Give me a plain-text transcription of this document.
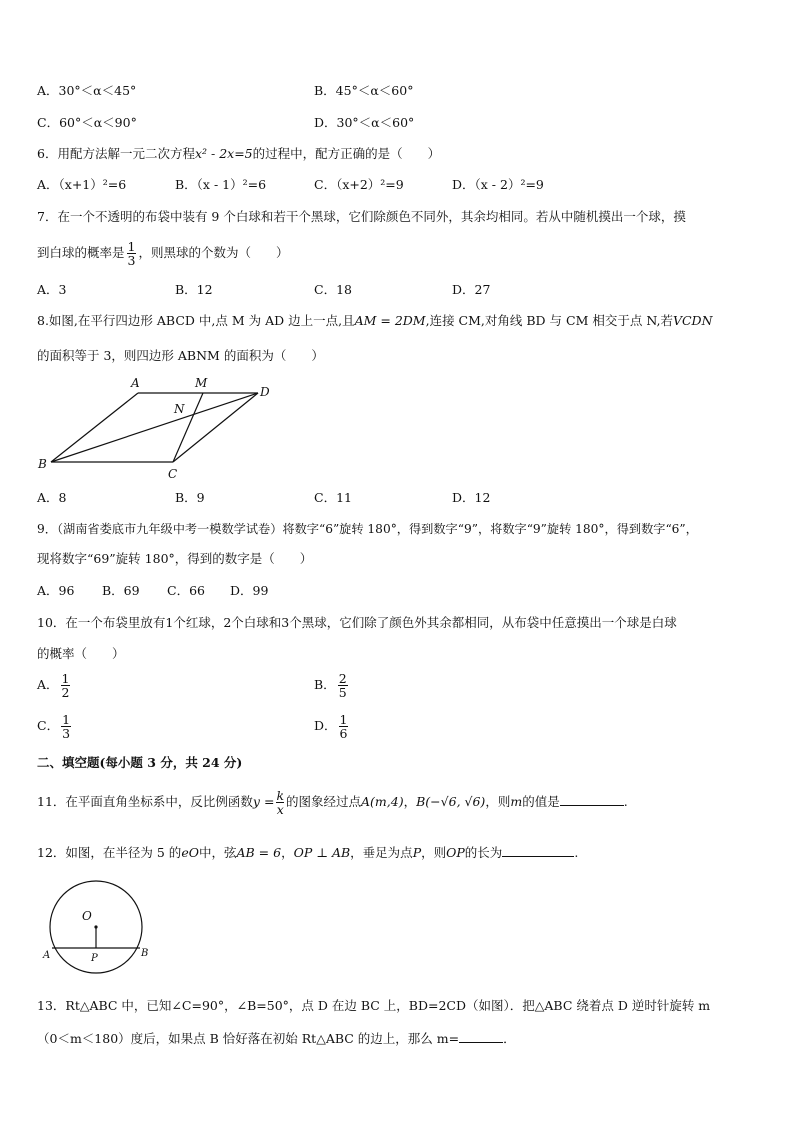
A．30°＜α＜45°	B．45°＜α＜60°
C．60°＜α＜90°	D．30°＜α＜60°
6．用配方法解一元二次方程x² - 2x=5的过程中，配方正确的是（　　）
A．（x+1）²=6	B．（x - 1）²=6	C．（x+2）²=9	D．（x - 2）²=9
7．在一个不透明的布袋中装有 9 个白球和若干个黑球，它们除颜色不同外，其余均相同。若从中随机摸出一个球，摸
到白球的概率是 $\frac{1}{3}$ ，则黑球的个数为（　　）
A．3	B．12	C．18	D．27
8.如图,在平行四边形 ABCD 中,点 M 为 AD 边上一点,且AM = 2DM,连接 CM,对角线 BD 与 CM 相交于点 N,若VCDN
的面积等于 3，则四边形 ABNM 的面积为（　　）
A	M
D
N
B
C
A．8	B．9	C．11	D．12
9．（湖南省娄底市九年级中考一模数学试卷）将数字“6”旋转 180°，得到数字“9”，将数字“9”旋转 180°，得到数字“6”，
现将数字“69”旋转 180°，得到的数字是（　　）
A．96 B．69 C．66 D．99
10．在一个布袋里放有1个红球，2个白球和3个黑球，它们除了颜色外其余都相同，从布袋中任意摸出一个球是白球
的概率（　　）
A． $\frac{1}{2}$	B． $\frac{2}{5}$
C． $\frac{1}{3}$	D． $\frac{1}{6}$
二、填空题(每小题 3 分，共 24 分)
11．在平面直角坐标系中，反比例函数$y = \frac{k}{x}$ 的图象经过点A(m,4)，B(−√6, √6)，则m的值是	.
12．如图，在半径为 5 的eO中，弦AB = 6，OP ⊥ AB，垂足为点P，则OP的长为	.
O
A	P	B
13．Rt△ABC 中，已知∠C=90°，∠B=50°，点 D 在边 BC 上，BD=2CD（如图）．把△ABC 绕着点 D 逆时针旋转 m
（0＜m＜180）度后，如果点 B 恰好落在初始 Rt△ABC 的边上，那么 m=	．
